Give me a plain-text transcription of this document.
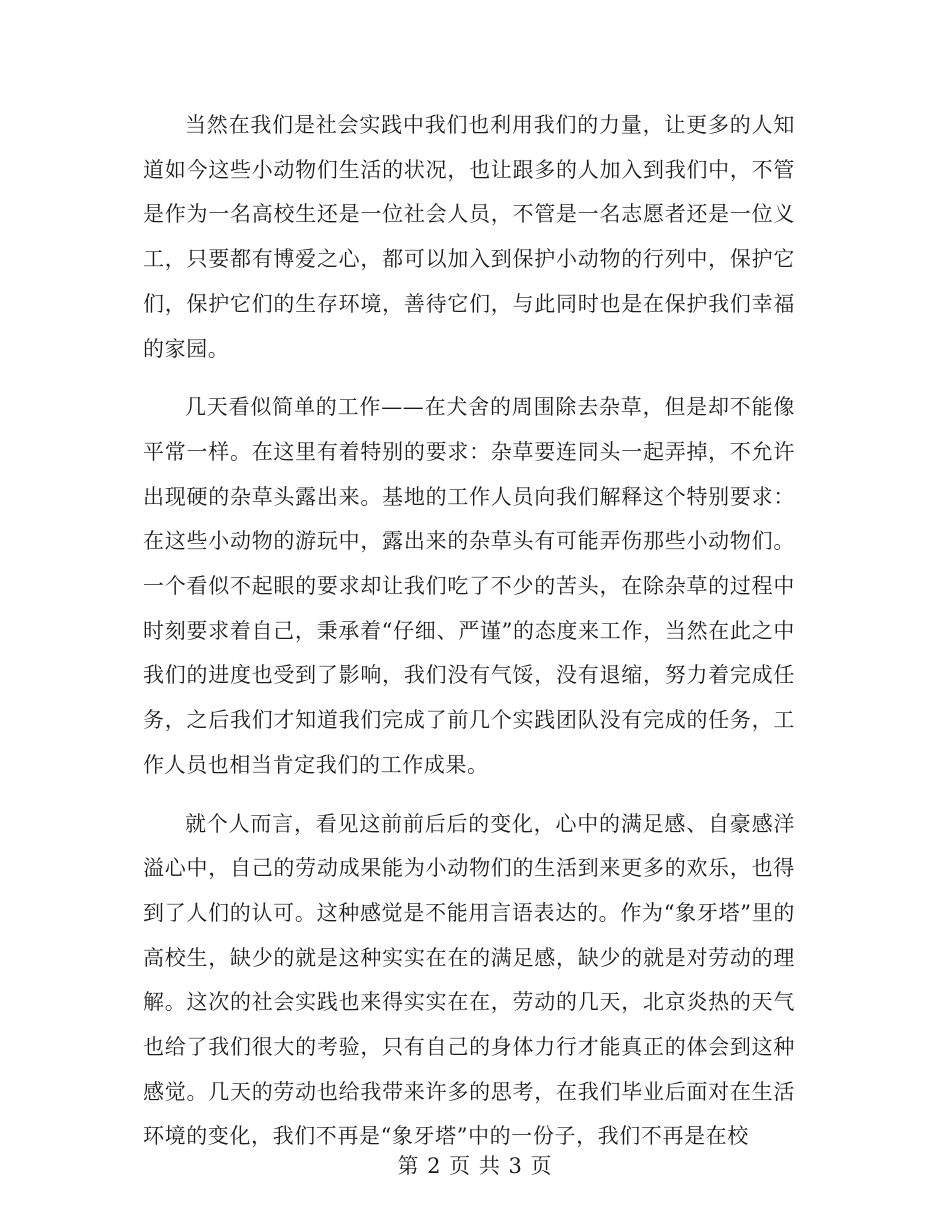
当然在我们是社会实践中我们也利用我们的力量，让更多的人知道如今这些小动物们生活的状况，也让跟多的人加入到我们中，不管是作为一名高校生还是一位社会人员，不管是一名志愿者还是一位义工，只要都有博爱之心，都可以加入到保护小动物的行列中，保护它们，保护它们的生存环境，善待它们，与此同时也是在保护我们幸福的家园。

几天看似简单的工作——在犬舍的周围除去杂草，但是却不能像平常一样。在这里有着特别的要求：杂草要连同头一起弄掉，不允许出现硬的杂草头露出来。基地的工作人员向我们解释这个特别要求：在这些小动物的游玩中，露出来的杂草头有可能弄伤那些小动物们。一个看似不起眼的要求却让我们吃了不少的苦头，在除杂草的过程中时刻要求着自己，秉承着“仔细、严谨”的态度来工作，当然在此之中我们的进度也受到了影响，我们没有气馁，没有退缩，努力着完成任务，之后我们才知道我们完成了前几个实践团队没有完成的任务，工作人员也相当肯定我们的工作成果。

就个人而言，看见这前前后后的变化，心中的满足感、自豪感洋溢心中，自己的劳动成果能为小动物们的生活到来更多的欢乐，也得到了人们的认可。这种感觉是不能用言语表达的。作为“象牙塔”里的高校生，缺少的就是这种实实在在的满足感，缺少的就是对劳动的理解。这次的社会实践也来得实实在在，劳动的几天，北京炎热的天气也给了我们很大的考验，只有自己的身体力行才能真正的体会到这种感觉。几天的劳动也给我带来许多的思考，在我们毕业后面对在生活环境的变化，我们不再是“象牙塔”中的一份子，我们不再是在校

第 2 页 共 3 页
